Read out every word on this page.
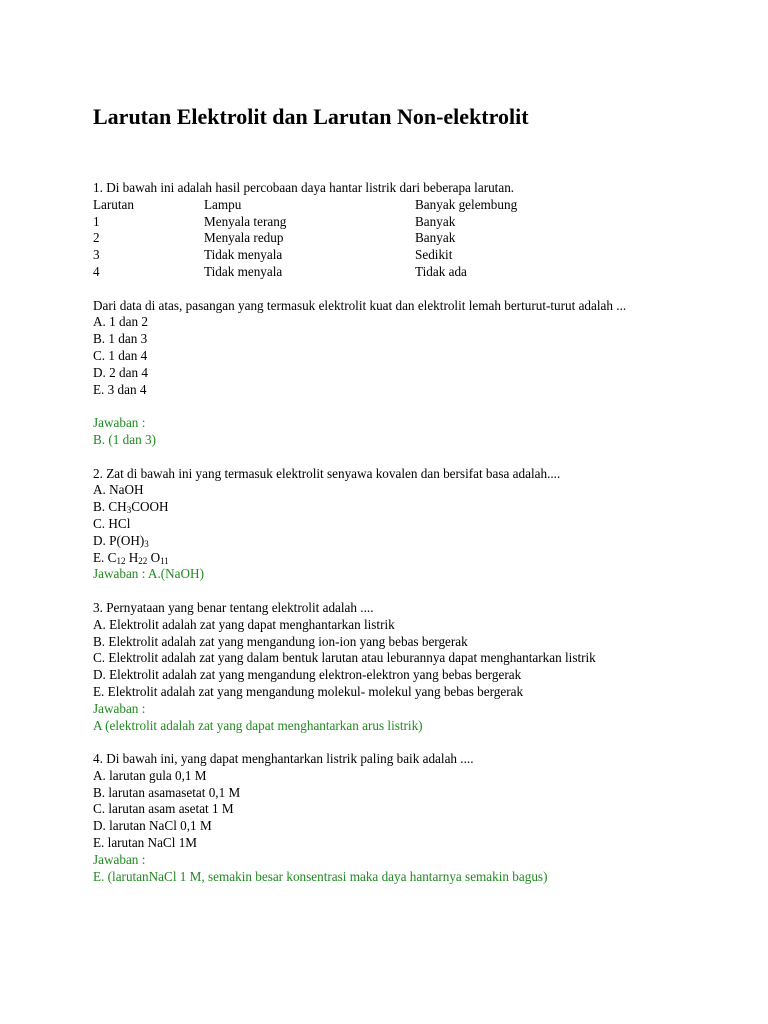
Larutan Elektrolit dan Larutan Non-elektrolit
1. Di bawah ini adalah hasil percobaan daya hantar listrik dari beberapa larutan.
Larutan	Lampu	Banyak gelembung
1	Menyala terang	Banyak
2	Menyala redup	Banyak
3	Tidak menyala	Sedikit
4	Tidak menyala	Tidak ada
Dari data di atas, pasangan yang termasuk elektrolit kuat dan elektrolit lemah berturut-turut adalah ...
A. 1 dan 2
B. 1 dan 3
C. 1 dan 4
D. 2 dan 4
E. 3 dan 4
Jawaban :
B. (1 dan 3)
2. Zat di bawah ini yang termasuk elektrolit senyawa kovalen dan bersifat basa adalah....
A. NaOH
B. $CH_3COOH$
C. HCl
D. $P(OH)_3$
E. $C_{12}$ $H_{22}$ $O_{11}$
Jawaban : A.(NaOH)
3. Pernyataan yang benar tentang elektrolit adalah ....
A. Elektrolit adalah zat yang dapat menghantarkan listrik
B. Elektrolit adalah zat yang mengandung ion-ion yang bebas bergerak
C. Elektrolit adalah zat yang dalam bentuk larutan atau leburannya dapat menghantarkan listrik
D. Elektrolit adalah zat yang mengandung elektron-elektron yang bebas bergerak
E. Elektrolit adalah zat yang mengandung molekul- molekul yang bebas bergerak
Jawaban :
A (elektrolit adalah zat yang dapat menghantarkan arus listrik)
4. Di bawah ini, yang dapat menghantarkan listrik paling baik adalah ....
A. larutan gula 0,1 M
B. larutan asamasetat 0,1 M
C. larutan asam asetat 1 M
D. larutan NaCl 0,1 M
E. larutan NaCl 1M
Jawaban :
E. (larutanNaCl 1 M, semakin besar konsentrasi maka daya hantarnya semakin bagus)
